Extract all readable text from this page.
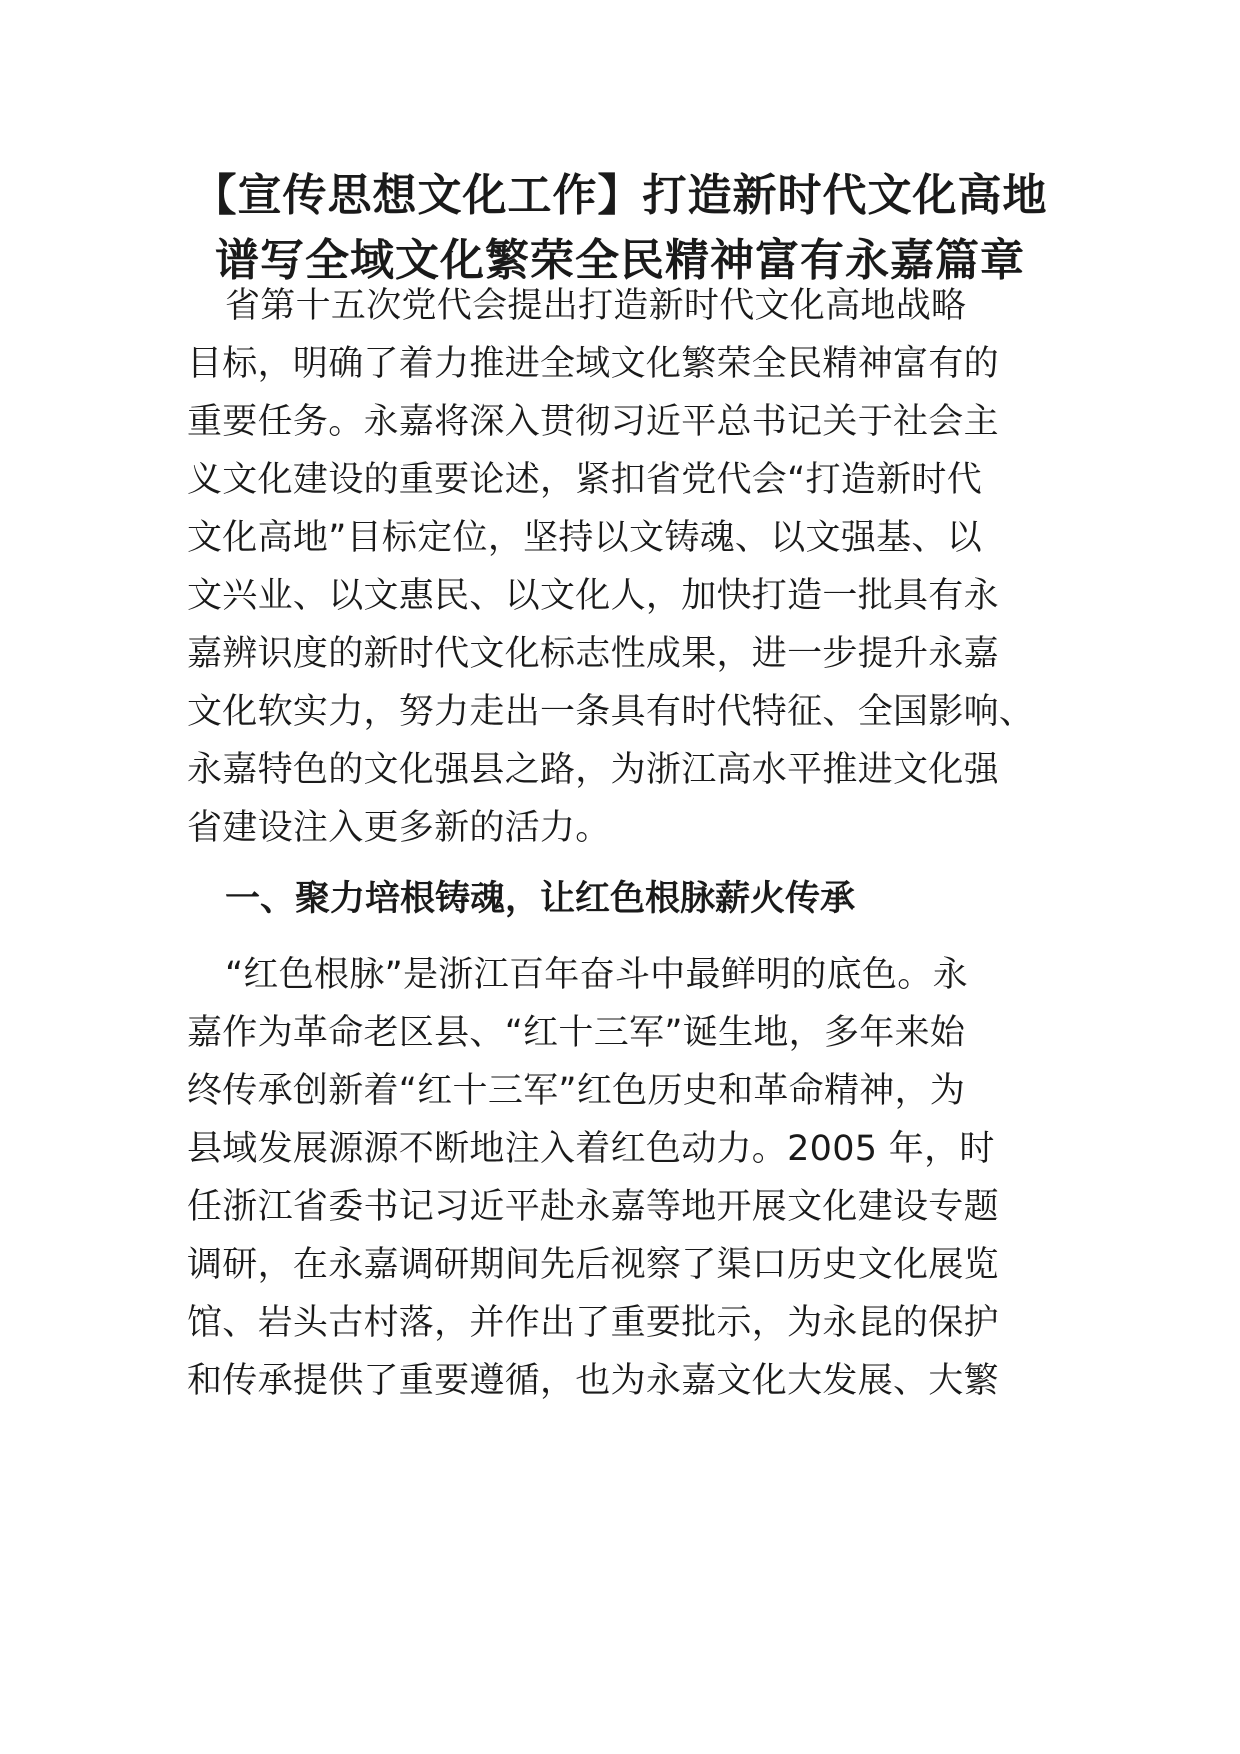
【宣传思想文化工作】打造新时代文化高地
谱写全域文化繁荣全民精神富有永嘉篇章

省第十五次党代会提出打造新时代文化高地战略

目标，明确了着力推进全域文化繁荣全民精神富有的

重要任务。永嘉将深入贯彻习近平总书记关于社会主

义文化建设的重要论述，紧扣省党代会“打造新时代

文化高地”目标定位，坚持以文铸魂、以文强基、以

文兴业、以文惠民、以文化人，加快打造一批具有永

嘉辨识度的新时代文化标志性成果，进一步提升永嘉

文化软实力，努力走出一条具有时代特征、全国影响、

永嘉特色的文化强县之路，为浙江高水平推进文化强

省建设注入更多新的活力。

一、聚力培根铸魂，让红色根脉薪火传承

“红色根脉”是浙江百年奋斗中最鲜明的底色。永

嘉作为革命老区县、“红十三军”诞生地，多年来始

终传承创新着“红十三军”红色历史和革命精神，为

县域发展源源不断地注入着红色动力。2005 年，时

任浙江省委书记习近平赴永嘉等地开展文化建设专题

调研，在永嘉调研期间先后视察了渠口历史文化展览

馆、岩头古村落，并作出了重要批示，为永昆的保护

和传承提供了重要遵循，也为永嘉文化大发展、大繁
